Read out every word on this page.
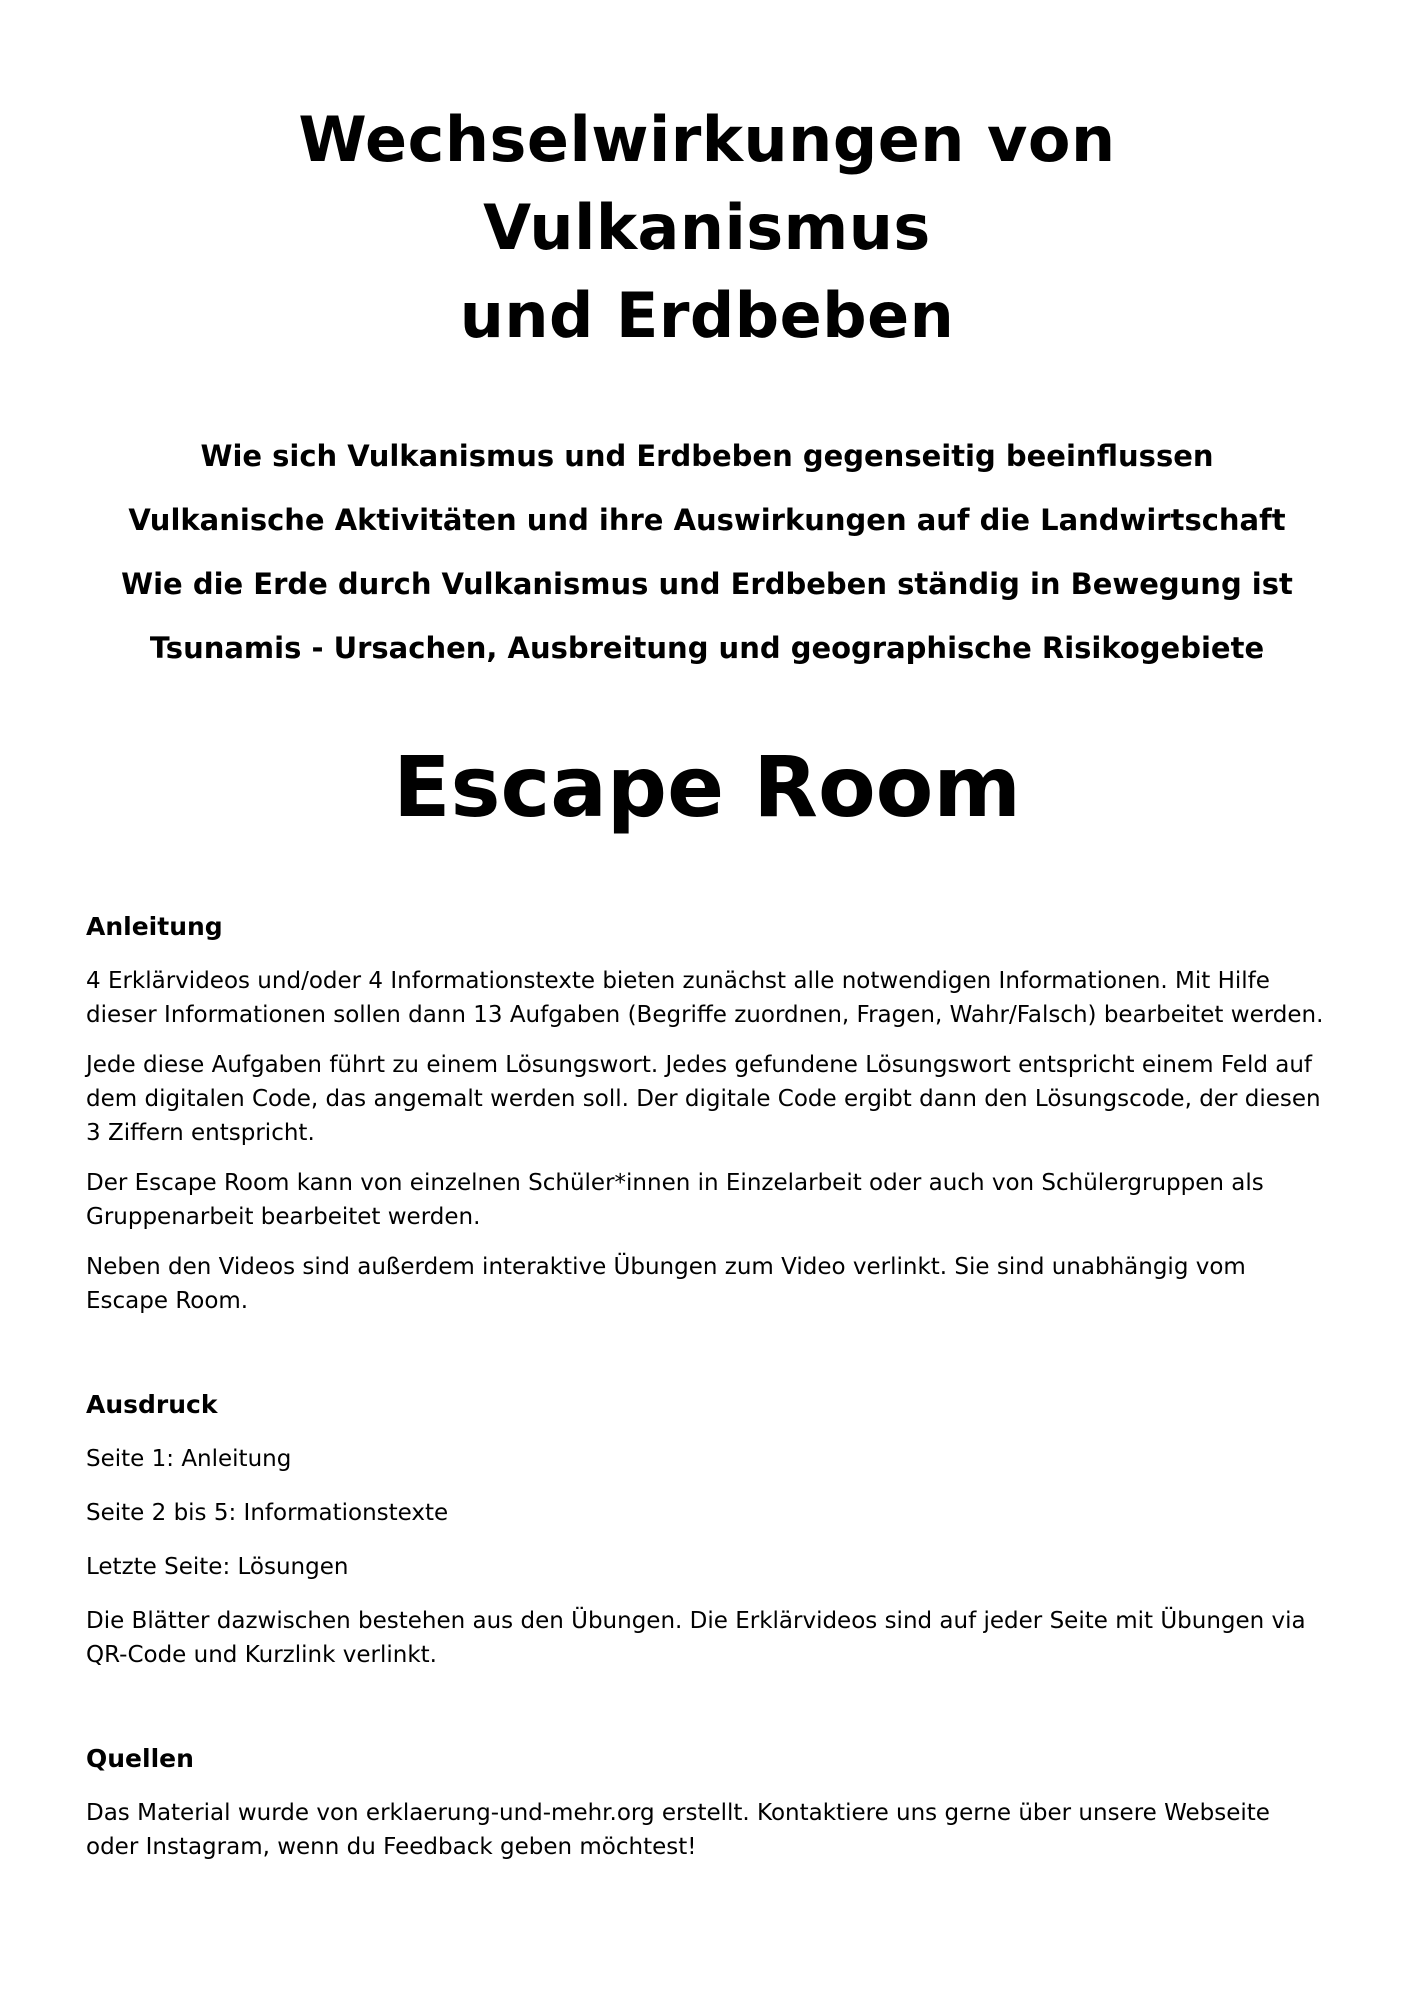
Wechselwirkungen von Vulkanismus
und Erdbeben

Wie sich Vulkanismus und Erdbeben gegenseitig beeinflussen

Vulkanische Aktivitäten und ihre Auswirkungen auf die Landwirtschaft

Wie die Erde durch Vulkanismus und Erdbeben ständig in Bewegung ist

Tsunamis - Ursachen, Ausbreitung und geographische Risikogebiete

Escape Room
Anleitung

4 Erklärvideos und/oder 4 Informationstexte bieten zunächst alle notwendigen Informationen. Mit Hilfe dieser Informationen sollen dann 13 Aufgaben (Begriffe zuordnen, Fragen, Wahr/Falsch) bearbeitet werden.

Jede diese Aufgaben führt zu einem Lösungswort. Jedes gefundene Lösungswort entspricht einem Feld auf dem digitalen Code, das angemalt werden soll. Der digitale Code ergibt dann den Lösungscode, der diesen 3 Ziffern entspricht.

Der Escape Room kann von einzelnen Schüler*innen in Einzelarbeit oder auch von Schülergruppen als Gruppenarbeit bearbeitet werden.

Neben den Videos sind außerdem interaktive Übungen zum Video verlinkt. Sie sind unabhängig vom Escape Room.

Ausdruck

Seite 1: Anleitung

Seite 2 bis 5: Informationstexte

Letzte Seite: Lösungen

Die Blätter dazwischen bestehen aus den Übungen. Die Erklärvideos sind auf jeder Seite mit Übungen via QR-Code und Kurzlink verlinkt.

Quellen

Das Material wurde von erklaerung-und-mehr.org erstellt. Kontaktiere uns gerne über unsere Webseite oder Instagram, wenn du Feedback geben möchtest!
